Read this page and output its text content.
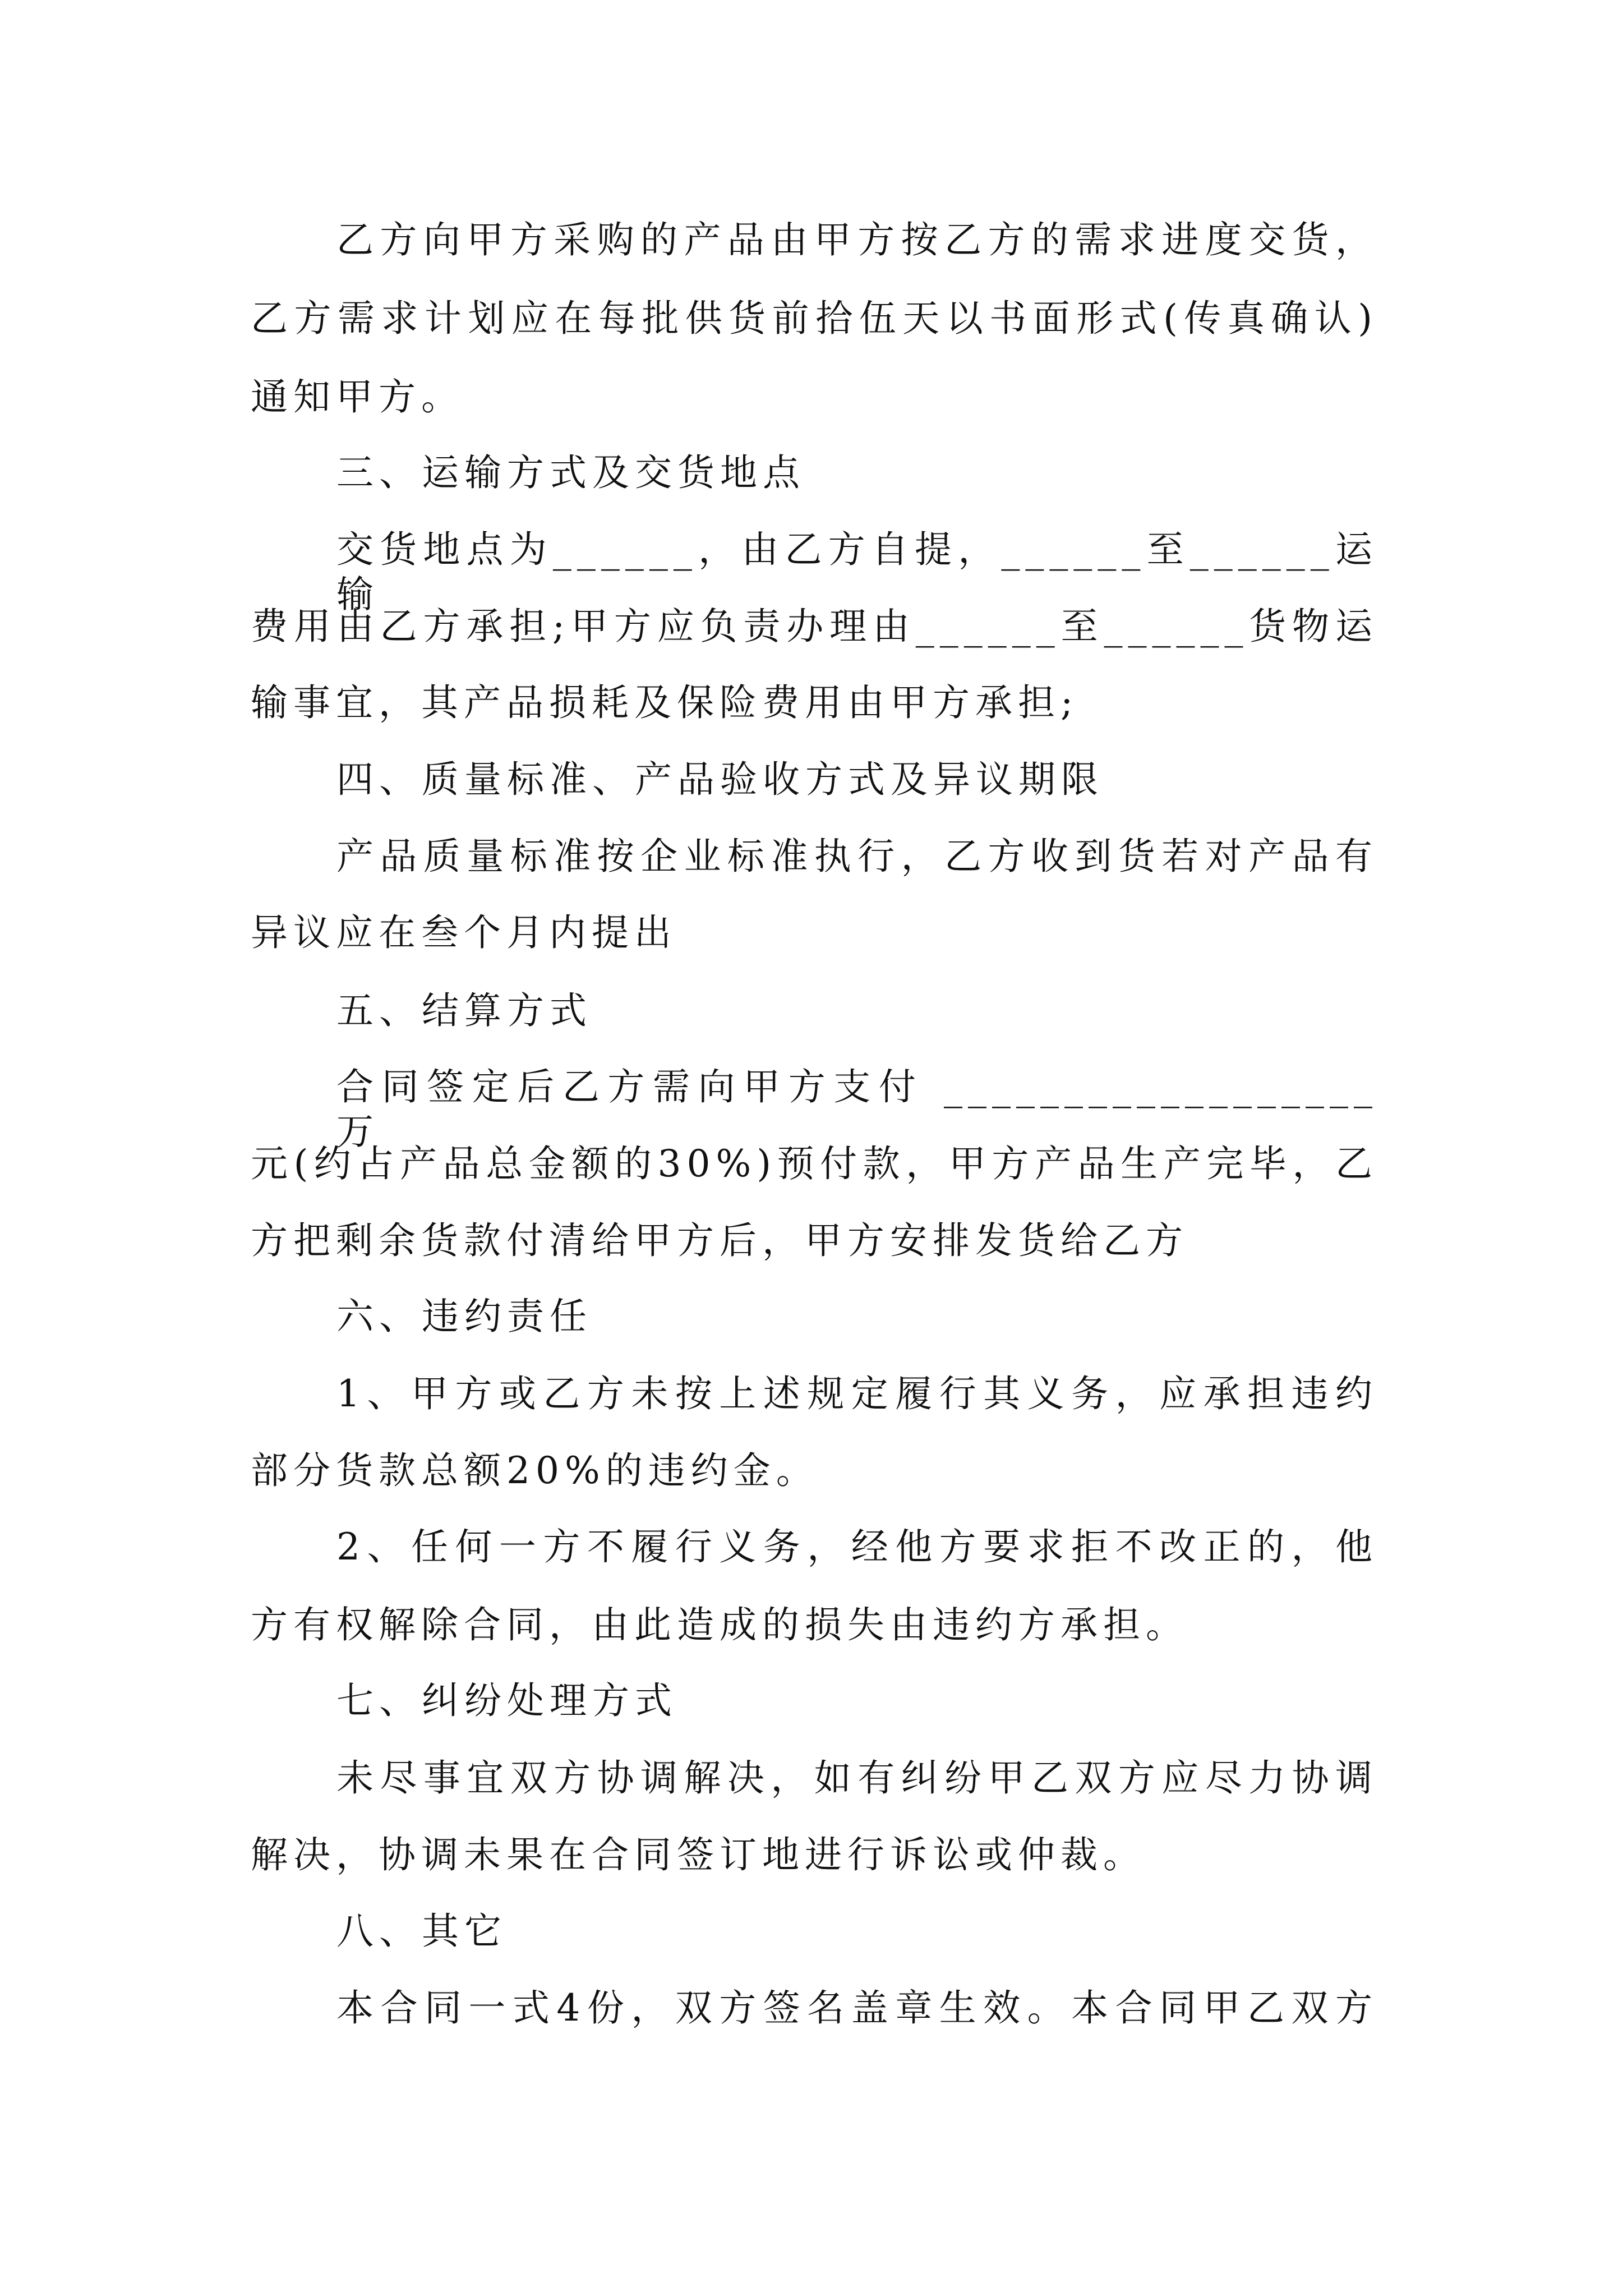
乙方向甲方采购的产品由甲方按乙方的需求进度交货，
乙方需求计划应在每批供货前拾伍天以书面形式(传真确认)
通知甲方。
三、运输方式及交货地点
交货地点为______，由乙方自提，______至______运输
费用由乙方承担;甲方应负责办理由______至______货物运
输事宜，其产品损耗及保险费用由甲方承担;
四、质量标准、产品验收方式及异议期限
产品质量标准按企业标准执行，乙方收到货若对产品有
异议应在叁个月内提出
五、结算方式
合同签定后乙方需向甲方支付 __________________ 万
元(约占产品总金额的30%)预付款，甲方产品生产完毕，乙
方把剩余货款付清给甲方后，甲方安排发货给乙方
六、违约责任
1、甲方或乙方未按上述规定履行其义务，应承担违约
部分货款总额20%的违约金。
2、任何一方不履行义务，经他方要求拒不改正的，他
方有权解除合同，由此造成的损失由违约方承担。
七、纠纷处理方式
未尽事宜双方协调解决，如有纠纷甲乙双方应尽力协调
解决，协调未果在合同签订地进行诉讼或仲裁。
八、其它
本合同一式4份，双方签名盖章生效。本合同甲乙双方
